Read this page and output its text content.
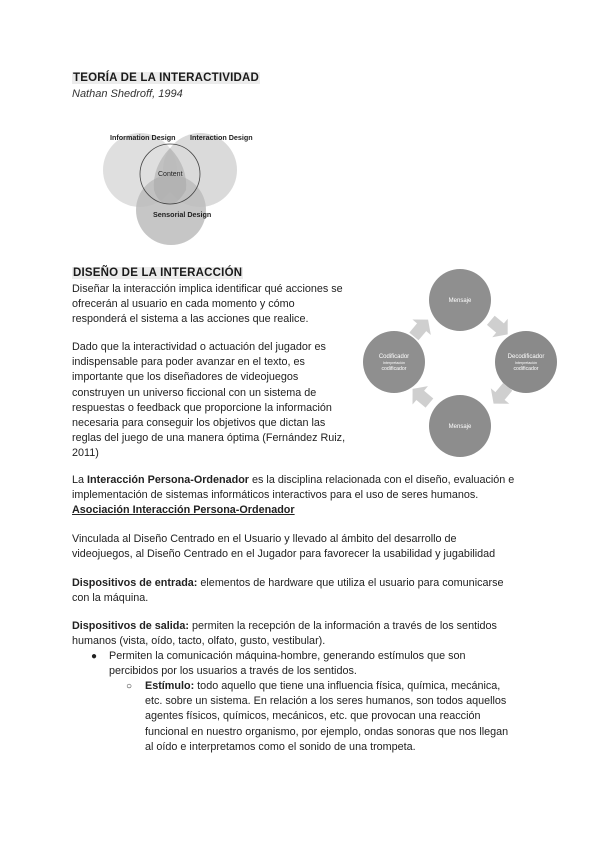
TEORÍA DE LA INTERACTIVIDAD
Nathan Shedroff, 1994
Information Design Interaction Design
Sensorial Design
Content
DISEÑO DE LA INTERACCIÓN
Diseñar la interacción implica identificar qué acciones se
ofrecerán al usuario en cada momento y cómo
responderá el sistema a las acciones que realice.
Dado que la interactividad o actuación del jugador es
indispensable para poder avanzar en el texto, es
importante que los diseñadores de videojuegos
construyen un universo ficcional con un sistema de
respuestas o feedback que proporcione la información
necesaria para conseguir los objetivos que dictan las
reglas del juego de una manera óptima (Fernández Ruiz,
2011)
Mensaje
Decodificador
Interpretación
codificador
Mensaje
Codificador
Interpretación
codificador
La Interacción Persona-Ordenador es la disciplina relacionada con el diseño, evaluación e
implementación de sistemas informáticos interactivos para el uso de seres humanos.
Asociación Interacción Persona-Ordenador
Vinculada al Diseño Centrado en el Usuario y llevado al ámbito del desarrollo de
videojuegos, al Diseño Centrado en el Jugador para favorecer la usabilidad y jugabilidad
Dispositivos de entrada: elementos de hardware que utiliza el usuario para comunicarse
con la máquina.
Dispositivos de salida: permiten la recepción de la información a través de los sentidos
humanos (vista, oído, tacto, olfato, gusto, vestibular).
● Permiten la comunicación máquina-hombre, generando estímulos que son
percibidos por los usuarios a través de los sentidos.
○ Estímulo: todo aquello que tiene una influencia física, química, mecánica,
etc. sobre un sistema. En relación a los seres humanos, son todos aquellos
agentes físicos, químicos, mecánicos, etc. que provocan una reacción
funcional en nuestro organismo, por ejemplo, ondas sonoras que nos llegan
al oído e interpretamos como el sonido de una trompeta.
